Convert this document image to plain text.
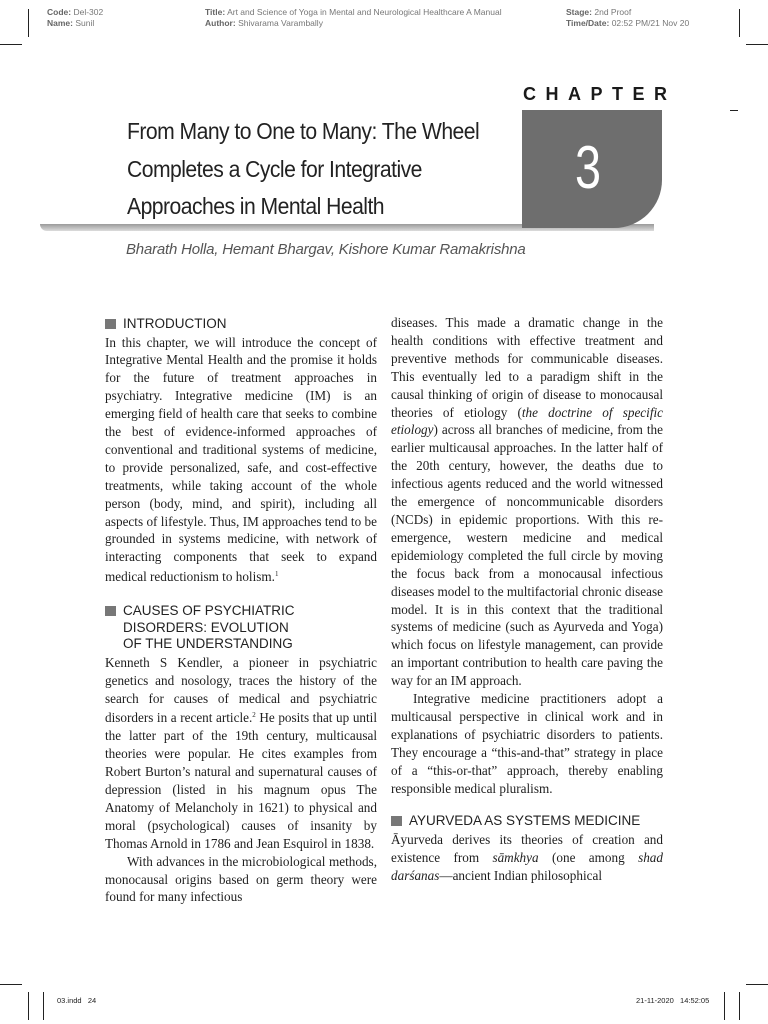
Code: Del-302
Name: Sunil
Title: Art and Science of Yoga in Mental and Neurological Healthcare A Manual
Author: Shivarama Varambally
Stage: 2nd Proof
Time/Date: 02:52 PM/21 Nov 20
CHAPTER
3
From Many to One to Many: The Wheel
Completes a Cycle for Integrative
Approaches in Mental Health
Bharath Holla, Hemant Bhargav, Kishore Kumar Ramakrishna
INTRODUCTION

In this chapter, we will introduce the concept of Integrative Mental Health and the promise it holds for the future of treatment approaches in psychiatry. Integrative medicine (IM) is an emerging field of health care that seeks to combine the best of evidence-informed approaches of conventional and traditional systems of medicine, to provide personalized, safe, and cost-effective treatments, while taking account of the whole person (body, mind, and spirit), including all aspects of lifestyle. Thus, IM approaches tend to be grounded in systems medicine, with network of interacting components that seek to expand medical reductionism to holism.$^1$

CAUSES OF PSYCHIATRIC
DISORDERS: EVOLUTION
OF THE UNDERSTANDING

Kenneth S Kendler, a pioneer in psychiatric genetics and nosology, traces the history of the search for causes of medical and psychiatric disorders in a recent article.$^2$ He posits that up until the latter part of the 19th century, multicausal theories were popular. He cites examples from Robert Burton’s natural and supernatural causes of depression (listed in his magnum opus The Anatomy of Melancholy in 1621) to physical and moral (psychological) causes of insanity by Thomas Arnold in 1786 and Jean Esquirol in 1838.

With advances in the microbiological methods, monocausal origins based on germ theory were found for many infectious

diseases. This made a dramatic change in the health conditions with effective treatment and preventive methods for communicable diseases. This eventually led to a paradigm shift in the causal thinking of origin of disease to monocausal theories of etiology (the doctrine of specific etiology) across all branches of medicine, from the earlier multicausal approaches. In the latter half of the 20th century, however, the deaths due to infectious agents reduced and the world witnessed the emergence of noncommunicable disorders (NCDs) in epidemic proportions. With this re-emergence, western medicine and medical epidemiology completed the full circle by moving the focus back from a monocausal infectious diseases model to the multifactorial chronic disease model. It is in this context that the traditional systems of medicine (such as Ayurveda and Yoga) which focus on lifestyle management, can provide an important contribution to health care paving the way for an IM approach.

Integrative medicine practitioners adopt a multicausal perspective in clinical work and in explanations of psychiatric disorders to patients. They encourage a “this-and-that” strategy in place of a “this-or-that” approach, thereby enabling responsible medical pluralism.

AYURVEDA AS SYSTEMS MEDICINE

Āyurveda derives its theories of creation and existence from sāmkhya (one among shad darśanas—ancient Indian philosophical

03.indd   24	21-11-2020   14:52:05
